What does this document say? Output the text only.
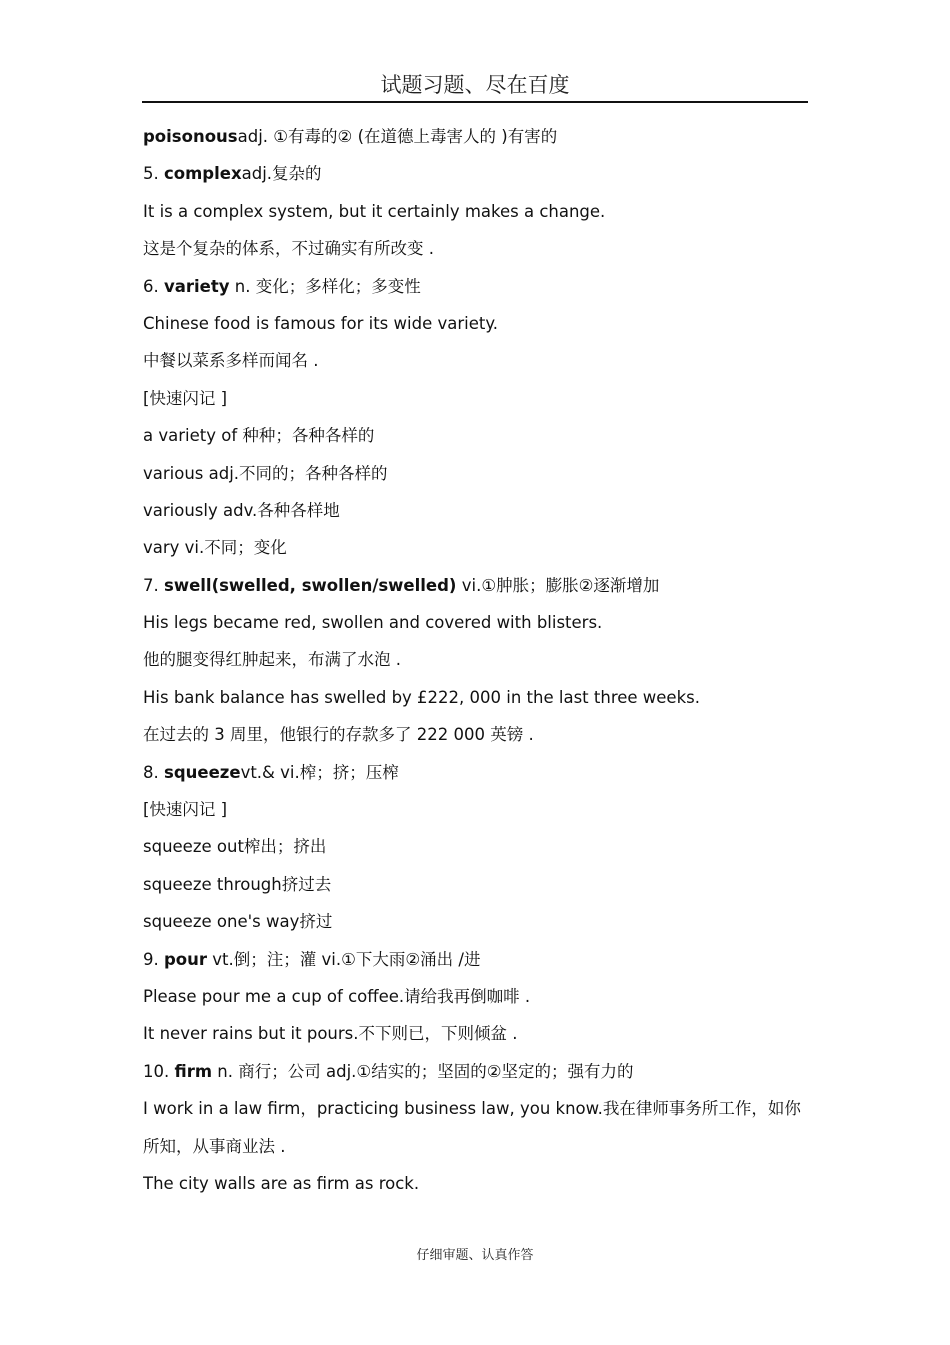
试题习题、尽在百度
poisonousadj. ①有毒的② (在道德上毒害人的 )有害的
5. complexadj.复杂的
It is a complex system, but it certainly makes a change.
这是个复杂的体系，不过确实有所改变 .
6. variety n. 变化；多样化；多变性
Chinese food is famous for its wide variety.
中餐以菜系多样而闻名 .
[快速闪记 ]
a variety of 种种；各种各样的
various adj.不同的；各种各样的
variously adv.各种各样地
vary vi.不同；变化
7. swell(swelled, swollen/swelled) vi.①肿胀；膨胀②逐渐增加
His legs became red, swollen and covered with blisters.
他的腿变得红肿起来，布满了水泡 .
His bank balance has swelled by £222, 000 in the last three weeks.
在过去的 3 周里，他银行的存款多了 222 000 英镑 .
8. squeezevt.& vi.榨；挤；压榨
[快速闪记 ]
squeeze out榨出；挤出
squeeze through挤过去
squeeze one's way挤过
9. pour vt.倒；注；灌 vi.①下大雨②涌出 /进
Please pour me a cup of coffee.请给我再倒咖啡 .
It never rains but it pours.不下则已，下则倾盆 .
10. firm n. 商行；公司 adj.①结实的；坚固的②坚定的；强有力的
I work in a law firm，practicing business law, you know.我在律师事务所工作，如你所知，从事商业法 .
The city walls are as firm as rock.
仔细审题、认真作答
